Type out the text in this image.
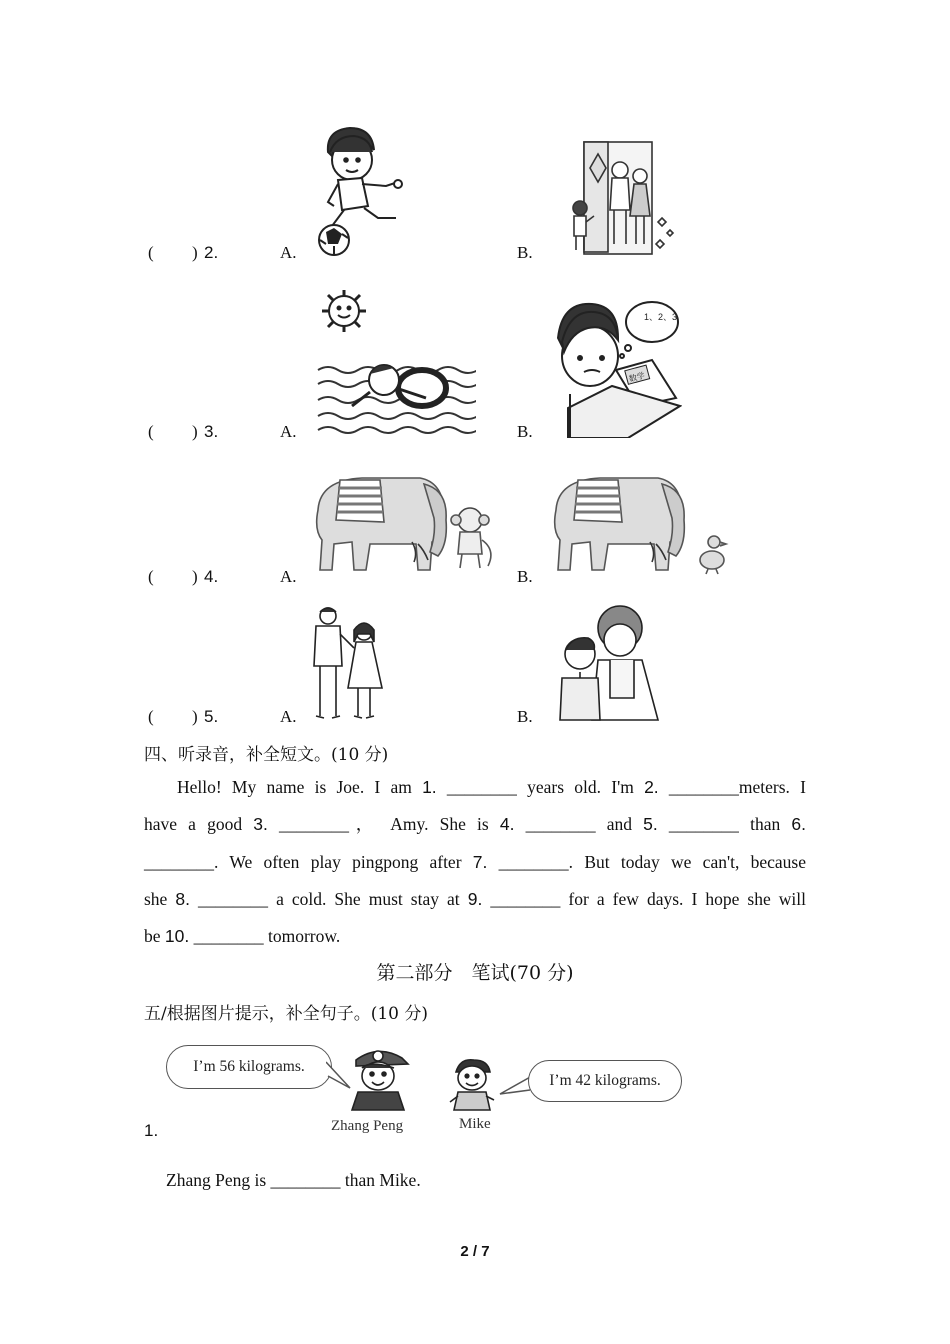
( ) 2.	A.	B.
( ) 3.	A.	B.
( ) 4.	A.	B.
( ) 5.	A.	B.
1、2、3
数学
四、听录音，补全短文。(10 分)
Hello! My name is Joe. I am 1. ________ years old. I'm 2. ________meters. I
have a good 3. ________， Amy. She is 4. ________ and 5. ________ than 6.
________. We often play pingpong after 7. ________. But today we can't, because
she 8. ________ a cold. She must stay at 9. ________ for a few days. I hope she will
be 10. ________ tomorrow.
第二部分　笔试(70 分)
五/根据图片提示，补全句子。(10 分)
I’m 56 kilograms.
Zhang Peng	Mike
I’m 42 kilograms.
1.
Zhang Peng is ________ than Mike.
2 / 7
